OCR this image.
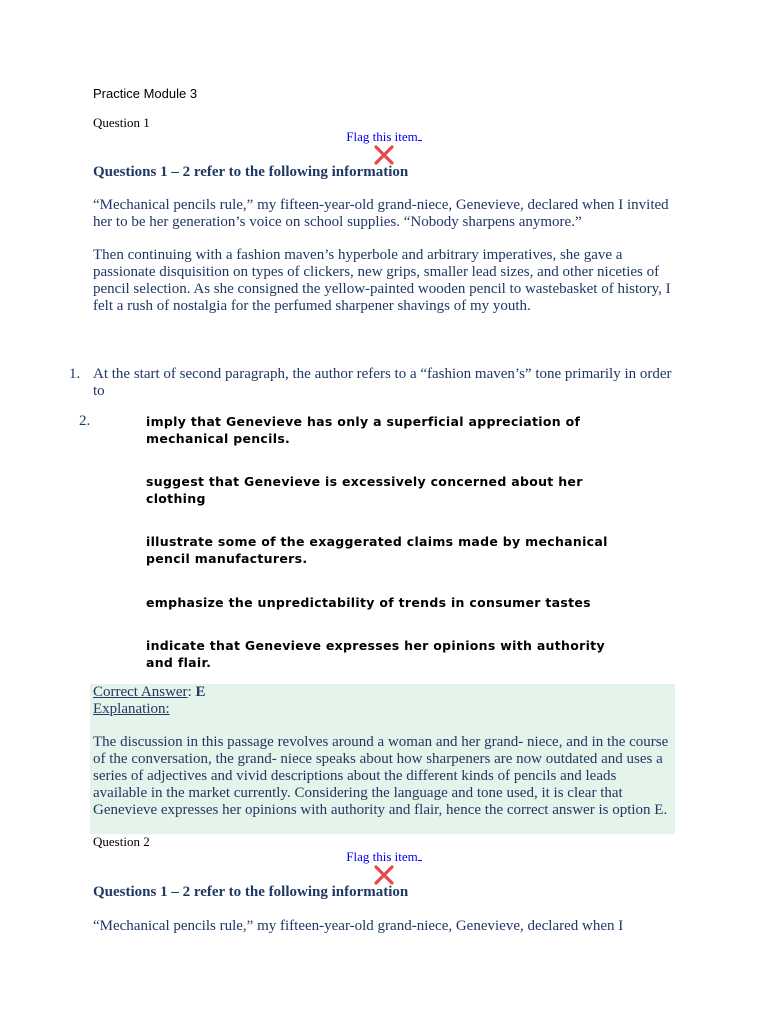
Practice Module 3
Question 1
Flag this item
Questions 1 – 2 refer to the following information
“Mechanical pencils rule,” my fifteen-year-old grand-niece, Genevieve, declared when I invited her to be her generation’s voice on school supplies. “Nobody sharpens anymore.”
Then continuing with a fashion maven’s hyperbole and arbitrary imperatives, she gave a passionate disquisition on types of clickers, new grips, smaller lead sizes, and other niceties of pencil selection. As she consigned the yellow-painted wooden pencil to wastebasket of history, I felt a rush of nostalgia for the perfumed sharpener shavings of my youth.
1. At the start of second paragraph, the author refers to a “fashion maven’s” tone primarily in order to
2.	imply that Genevieve has only a superficial appreciation of mechanical pencils.
suggest that Genevieve is excessively concerned about her clothing
illustrate some of the exaggerated claims made by mechanical pencil manufacturers.
emphasize the unpredictability of trends in consumer tastes
indicate that Genevieve expresses her opinions with authority and flair.
Correct Answer: E
Explanation:
The discussion in this passage revolves around a woman and her grand- niece, and in the course of the conversation, the grand- niece speaks about how sharpeners are now outdated and uses a series of adjectives and vivid descriptions about the different kinds of pencils and leads available in the market currently. Considering the language and tone used, it is clear that Genevieve expresses her opinions with authority and flair, hence the correct answer is option E.
Question 2
Flag this item
Questions 1 – 2 refer to the following information
“Mechanical pencils rule,” my fifteen-year-old grand-niece, Genevieve, declared when I
